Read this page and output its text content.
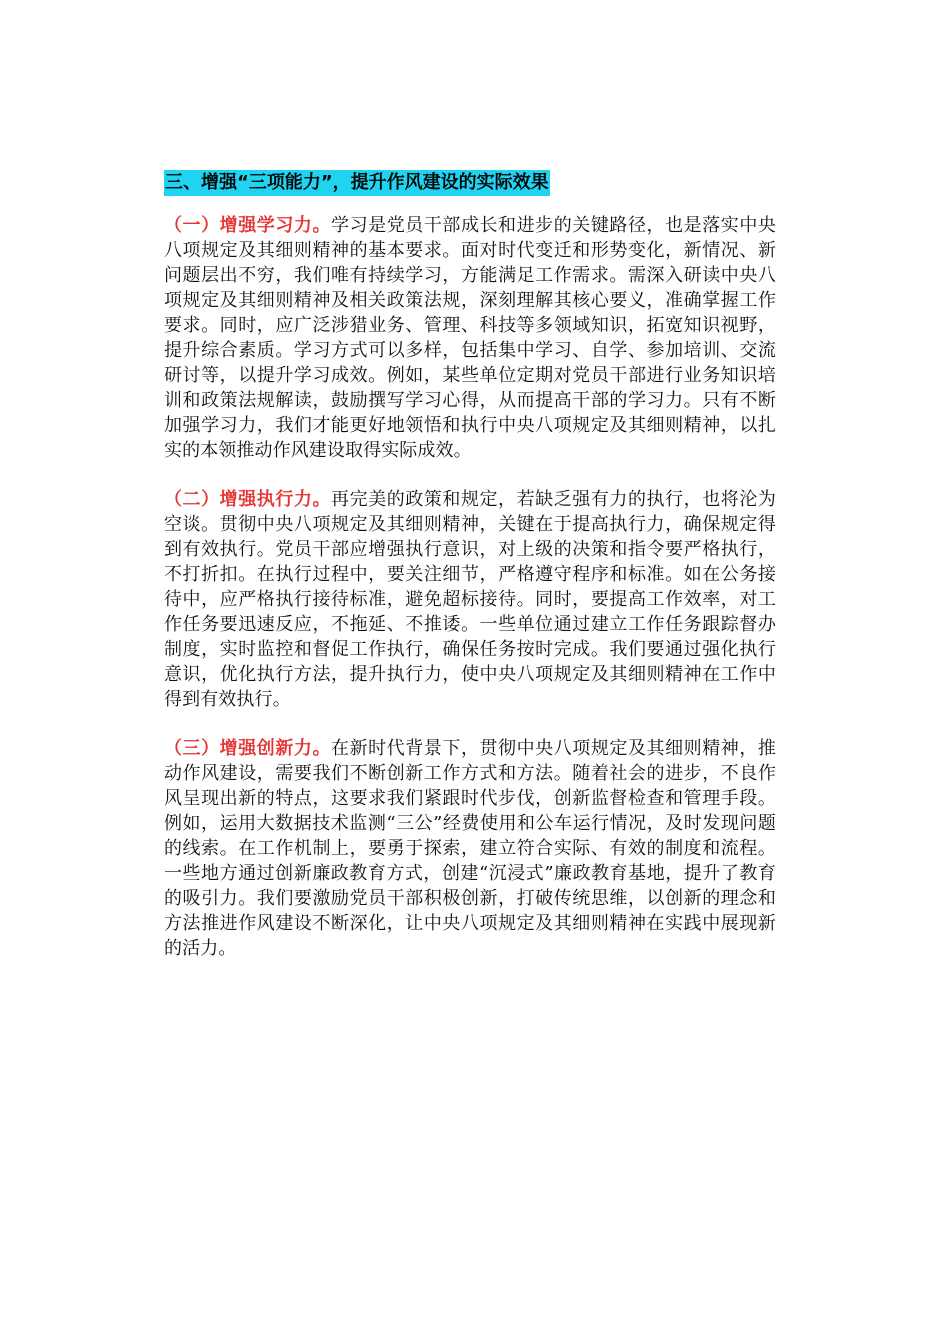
三、增强“三项能力”，提升作风建设的实际效果

（一）增强学习力。学习是党员干部成长和进步的关键路径，也是落实中央八项规定及其细则精神的基本要求。面对时代变迁和形势变化，新情况、新问题层出不穷，我们唯有持续学习，方能满足工作需求。需深入研读中央八项规定及其细则精神及相关政策法规，深刻理解其核心要义，准确掌握工作要求。同时，应广泛涉猎业务、管理、科技等多领域知识，拓宽知识视野，提升综合素质。学习方式可以多样，包括集中学习、自学、参加培训、交流研讨等，以提升学习成效。例如，某些单位定期对党员干部进行业务知识培训和政策法规解读，鼓励撰写学习心得，从而提高干部的学习力。只有不断加强学习力，我们才能更好地领悟和执行中央八项规定及其细则精神，以扎实的本领推动作风建设取得实际成效。

（二）增强执行力。再完美的政策和规定，若缺乏强有力的执行，也将沦为空谈。贯彻中央八项规定及其细则精神，关键在于提高执行力，确保规定得到有效执行。党员干部应增强执行意识，对上级的决策和指令要严格执行，不打折扣。在执行过程中，要关注细节，严格遵守程序和标准。如在公务接待中，应严格执行接待标准，避免超标接待。同时，要提高工作效率，对工作任务要迅速反应，不拖延、不推诿。一些单位通过建立工作任务跟踪督办制度，实时监控和督促工作执行，确保任务按时完成。我们要通过强化执行意识，优化执行方法，提升执行力，使中央八项规定及其细则精神在工作中得到有效执行。

（三）增强创新力。在新时代背景下，贯彻中央八项规定及其细则精神，推动作风建设，需要我们不断创新工作方式和方法。随着社会的进步，不良作风呈现出新的特点，这要求我们紧跟时代步伐，创新监督检查和管理手段。例如，运用大数据技术监测“三公”经费使用和公车运行情况，及时发现问题的线索。在工作机制上，要勇于探索，建立符合实际、有效的制度和流程。一些地方通过创新廉政教育方式，创建“沉浸式”廉政教育基地，提升了教育的吸引力。我们要激励党员干部积极创新，打破传统思维，以创新的理念和方法推进作风建设不断深化，让中央八项规定及其细则精神在实践中展现新的活力。
